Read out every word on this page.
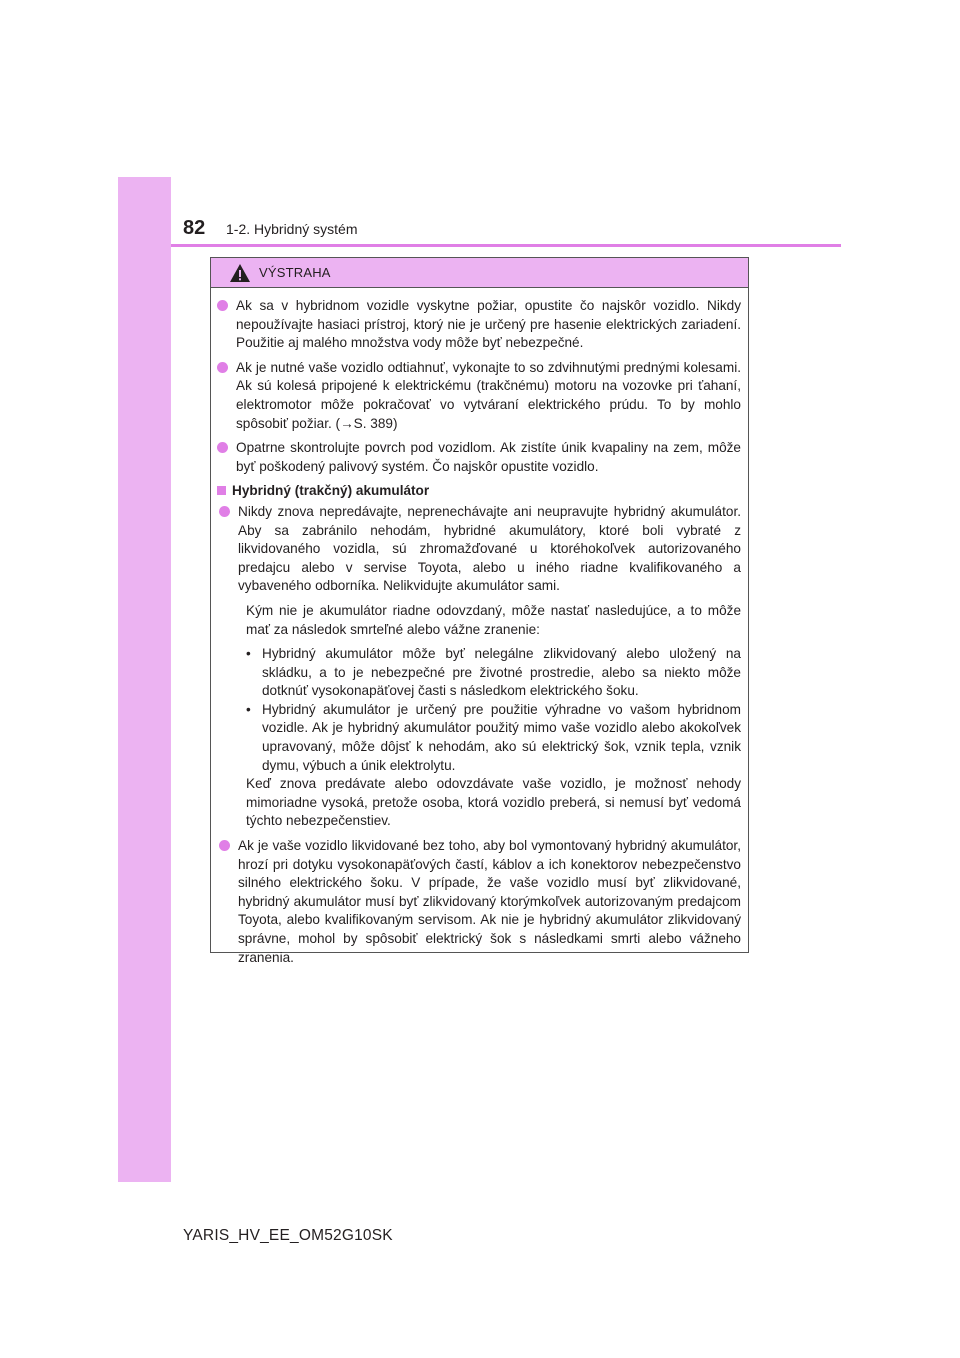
82 1-2. Hybridný systém
VÝSTRAHA
Ak sa v hybridnom vozidle vyskytne požiar, opustite čo najskôr vozidlo. Nikdy nepoužívajte hasiaci prístroj, ktorý nie je určený pre hasenie elektrických zariadení. Použitie aj malého množstva vody môže byť nebezpečné.
Ak je nutné vaše vozidlo odtiahnuť, vykonajte to so zdvihnutými prednými kolesami. Ak sú kolesá pripojené k elektrickému (trakčnému) motoru na vozovke pri ťahaní, elektromotor môže pokračovať vo vytváraní elektrického prúdu. To by mohlo spôsobiť požiar. (→S. 389)
Opatrne skontrolujte povrch pod vozidlom. Ak zistíte únik kvapaliny na zem, môže byť poškodený palivový systém. Čo najskôr opustite vozidlo.
Hybridný (trakčný) akumulátor
Nikdy znova nepredávajte, neprenechávajte ani neupravujte hybridný akumulátor. Aby sa zabránilo nehodám, hybridné akumulátory, ktoré boli vybraté z likvidovaného vozidla, sú zhromažďované u ktoréhokoľvek autorizovaného predajcu alebo v servise Toyota, alebo u iného riadne kvalifikovaného a vybaveného odborníka. Nelikvidujte akumulátor sami.

Kým nie je akumulátor riadne odovzdaný, môže nastať nasledujúce, a to môže mať za následok smrteľné alebo vážne zranenie:

• Hybridný akumulátor môže byť nelegálne zlikvidovaný alebo uložený na skládku, a to je nebezpečné pre životné prostredie, alebo sa niekto môže dotknúť vysokonapäťovej časti s následkom elektrického šoku.
• Hybridný akumulátor je určený pre použitie výhradne vo vašom hybridnom vozidle. Ak je hybridný akumulátor použitý mimo vaše vozidlo alebo akokoľvek upravovaný, môže dôjsť k nehodám, ako sú elektrický šok, vznik tepla, vznik dymu, výbuch a únik elektrolytu.

Keď znova predávate alebo odovzdávate vaše vozidlo, je možnosť nehody mimoriadne vysoká, pretože osoba, ktorá vozidlo preberá, si nemusí byť vedomá týchto nebezpečenstiev.

Ak je vaše vozidlo likvidované bez toho, aby bol vymontovaný hybridný akumulátor, hrozí pri dotyku vysokonapäťových častí, káblov a ich konektorov nebezpečenstvo silného elektrického šoku. V prípade, že vaše vozidlo musí byť zlikvidované, hybridný akumulátor musí byť zlikvidovaný ktorýmkoľvek autorizovaným predajcom Toyota, alebo kvalifikovaným servisom. Ak nie je hybridný akumulátor zlikvidovaný správne, mohol by spôsobiť elektrický šok s následkami smrti alebo vážneho zranenia.
YARIS_HV_EE_OM52G10SK
